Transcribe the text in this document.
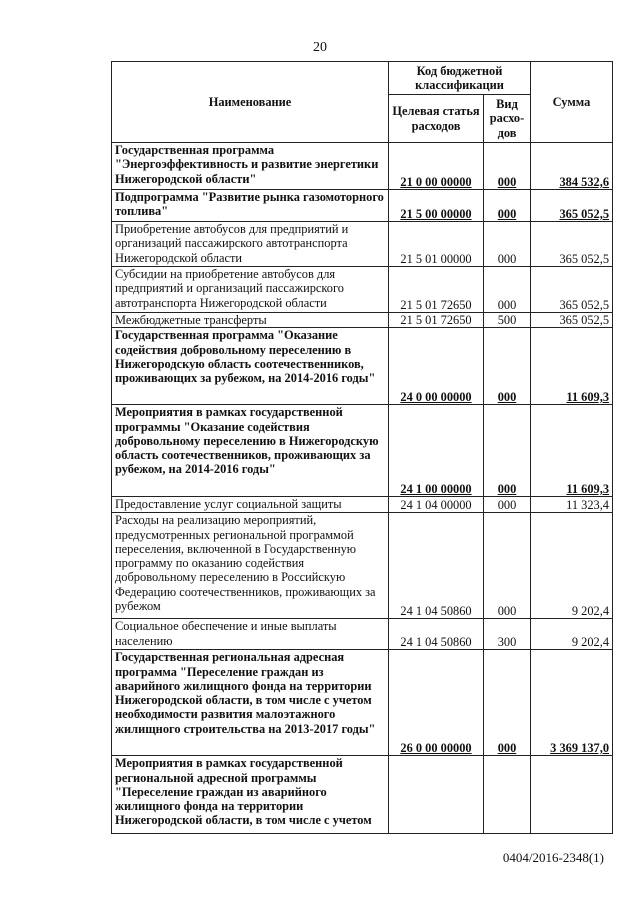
20
Наименование	Код бюджетной классификации		Сумма
	Целевая статья расходов	Вид расхо-дов	
Государственная программа "Энергоэффективность и развитие энергетики Нижегородской области"	21 0 00 00000	000	384 532,6
Подпрограмма "Развитие рынка газомоторного топлива"	21 5 00 00000	000	365 052,5
Приобретение автобусов для предприятий и организаций пассажирского автотранспорта Нижегородской области	21 5 01 00000	000	365 052,5
Субсидии на приобретение автобусов для предприятий и организаций пассажирского автотранспорта Нижегородской области	21 5 01 72650	000	365 052,5
Межбюджетные трансферты	21 5 01 72650	500	365 052,5
Государственная программа "Оказание содействия добровольному переселению в Нижегородскую область соотечественников, проживающих за рубежом, на 2014-2016 годы"	24 0 00 00000	000	11 609,3
Мероприятия в рамках государственной программы "Оказание содействия добровольному переселению в Нижегородскую область соотечественников, проживающих за рубежом, на 2014-2016 годы"	24 1 00 00000	000	11 609,3
Предоставление услуг социальной защиты	24 1 04 00000	000	11 323,4
Расходы на реализацию мероприятий, предусмотренных региональной программой переселения, включенной в Государственную программу по оказанию содействия добровольному переселению в Российскую Федерацию соотечественников, проживающих за рубежом	24 1 04 50860	000	9 202,4
Социальное обеспечение и иные выплаты населению	24 1 04 50860	300	9 202,4
Государственная региональная адресная программа "Переселение граждан из аварийного жилищного фонда на территории Нижегородской области, в том числе с учетом необходимости развития малоэтажного жилищного строительства на 2013-2017 годы"	26 0 00 00000	000	3 369 137,0
Мероприятия в рамках государственной региональной адресной программы "Переселение граждан из аварийного жилищного фонда на территории Нижегородской области, в том числе с учетом			
0404/2016-2348(1)
